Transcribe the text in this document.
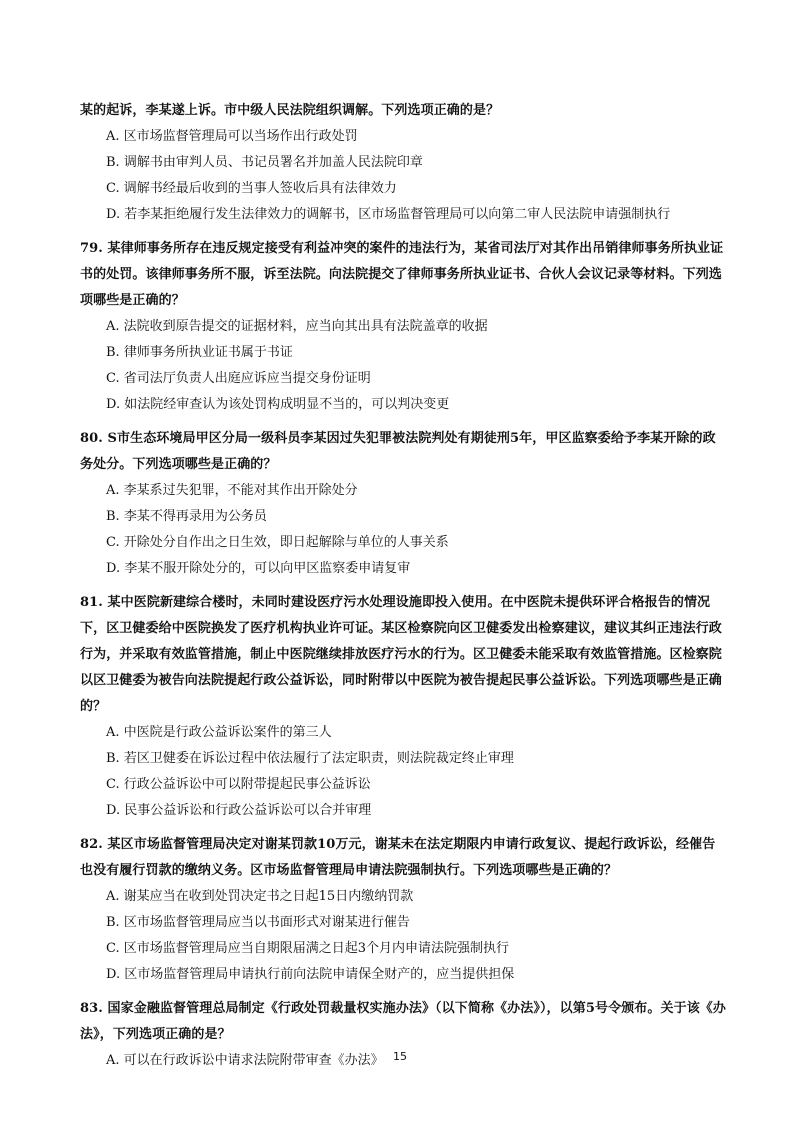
某的起诉，李某遂上诉。市中级人民法院组织调解。下列选项正确的是？

A. 区市场监督管理局可以当场作出行政处罚
B. 调解书由审判人员、书记员署名并加盖人民法院印章
C. 调解书经最后收到的当事人签收后具有法律效力
D. 若李某拒绝履行发生法律效力的调解书，区市场监督管理局可以向第二审人民法院申请强制执行

79. 某律师事务所存在违反规定接受有利益冲突的案件的违法行为，某省司法厅对其作出吊销律师事务所执业证书的处罚。该律师事务所不服，诉至法院。向法院提交了律师事务所执业证书、合伙人会议记录等材料。下列选项哪些是正确的？

A. 法院收到原告提交的证据材料，应当向其出具有法院盖章的收据
B. 律师事务所执业证书属于书证
C. 省司法厅负责人出庭应诉应当提交身份证明
D. 如法院经审查认为该处罚构成明显不当的，可以判决变更

80. S市生态环境局甲区分局一级科员李某因过失犯罪被法院判处有期徒刑5年，甲区监察委给予李某开除的政务处分。下列选项哪些是正确的？

A. 李某系过失犯罪，不能对其作出开除处分
B. 李某不得再录用为公务员
C. 开除处分自作出之日生效，即日起解除与单位的人事关系
D. 李某不服开除处分的，可以向甲区监察委申请复审

81. 某中医院新建综合楼时，未同时建设医疗污水处理设施即投入使用。在中医院未提供环评合格报告的情况下，区卫健委给中医院换发了医疗机构执业许可证。某区检察院向区卫健委发出检察建议，建议其纠正违法行政行为，并采取有效监管措施，制止中医院继续排放医疗污水的行为。区卫健委未能采取有效监管措施。区检察院以区卫健委为被告向法院提起行政公益诉讼，同时附带以中医院为被告提起民事公益诉讼。下列选项哪些是正确的？

A. 中医院是行政公益诉讼案件的第三人
B. 若区卫健委在诉讼过程中依法履行了法定职责，则法院裁定终止审理
C. 行政公益诉讼中可以附带提起民事公益诉讼
D. 民事公益诉讼和行政公益诉讼可以合并审理

82. 某区市场监督管理局决定对谢某罚款10万元，谢某未在法定期限内申请行政复议、提起行政诉讼，经催告也没有履行罚款的缴纳义务。区市场监督管理局申请法院强制执行。下列选项哪些是正确的？

A. 谢某应当在收到处罚决定书之日起15日内缴纳罚款
B. 区市场监督管理局应当以书面形式对谢某进行催告
C. 区市场监督管理局应当自期限届满之日起3个月内申请法院强制执行
D. 区市场监督管理局申请执行前向法院申请保全财产的，应当提供担保

83. 国家金融监督管理总局制定《行政处罚裁量权实施办法》（以下简称《办法》），以第5号令颁布。关于该《办法》，下列选项正确的是？

A. 可以在行政诉讼中请求法院附带审查《办法》 15
